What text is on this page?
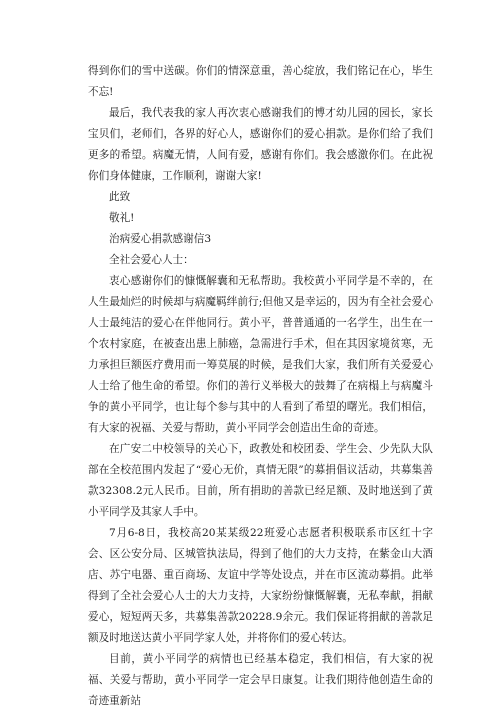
得到你们的雪中送碳。你们的情深意重，善心绽放，我们铭记在心，毕生不忘!

最后，我代表我的家人再次衷心感谢我们的博才幼儿园的园长，家长宝贝们，老师们，各界的好心人，感谢你们的爱心捐款。是你们给了我们更多的希望。病魔无情，人间有爱，感谢有你们。我会感激你们。在此祝你们身体健康，工作顺利，谢谢大家!

此致

敬礼!

治病爱心捐款感谢信3

全社会爱心人士：

衷心感谢你们的慷慨解囊和无私帮助。我校黄小平同学是不幸的，在人生最灿烂的时候却与病魔羁绊前行;但他又是幸运的，因为有全社会爱心人士最纯洁的爱心在伴他同行。黄小平，普普通通的一名学生，出生在一个农村家庭，在被查出患上肺癌，急需进行手术，但在其因家境贫寒，无力承担巨额医疗费用而一筹莫展的时候，是我们大家，我们所有关爱爱心人士给了他生命的希望。你们的善行义举极大的鼓舞了在病榻上与病魔斗争的黄小平同学，也让每个参与其中的人看到了希望的曙光。我们相信，有大家的祝福、关爱与帮助，黄小平同学会创造出生命的奇迹。

在广安二中校领导的关心下，政教处和校团委、学生会、少先队大队部在全校范围内发起了“爱心无价，真情无限”的募捐倡议活动，共募集善款32308.2元人民币。目前，所有捐助的善款已经足额、及时地送到了黄小平同学及其家人手中。

7月6-8日，我校高20某某级22班爱心志愿者积极联系市区红十字会、区公安分局、区城管执法局，得到了他们的大力支持，在紫金山大酒店、苏宁电器、重百商场、友谊中学等处设点，并在市区流动募捐。此举得到了全社会爱心人士的大力支持，大家纷纷慷慨解囊，无私奉献，捐献爱心，短短两天多，共募集善款20228.9余元。我们保证将捐献的善款足额及时地送达黄小平同学家人处，并将你们的爱心转达。

目前，黄小平同学的病情也已经基本稳定，我们相信，有大家的祝福、关爱与帮助，黄小平同学一定会早日康复。让我们期待他创造生命的奇迹重新站
